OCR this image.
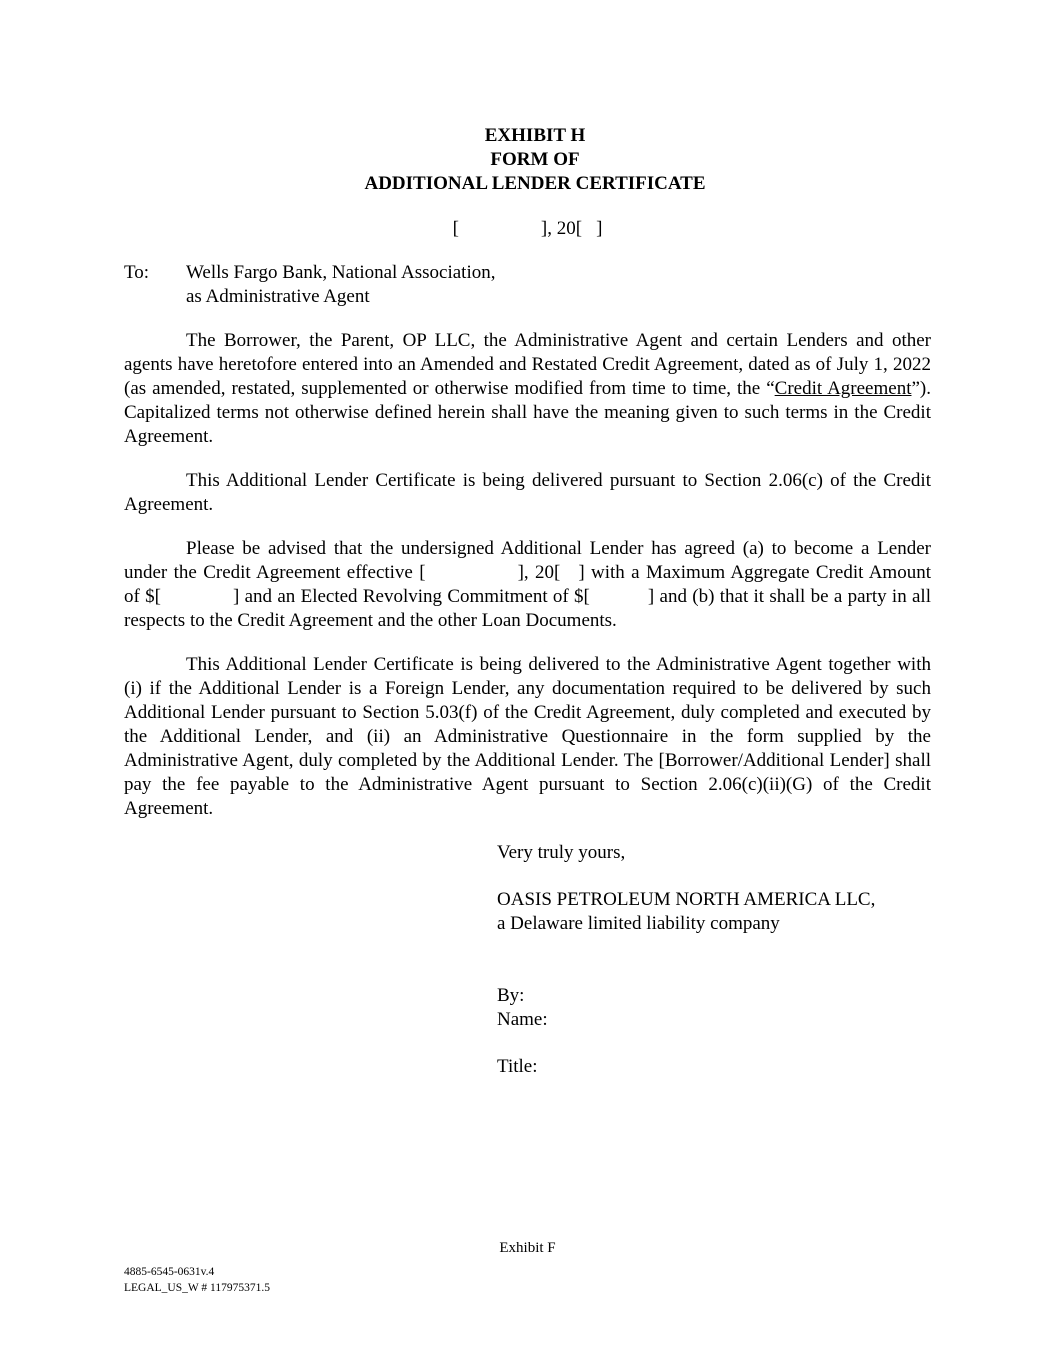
EXHIBIT H
FORM OF
ADDITIONAL LENDER CERTIFICATE
[	], 20[ ]
To: Wells Fargo Bank, National Association,
as Administrative Agent

The Borrower, the Parent, OP LLC, the Administrative Agent and certain Lenders and other agents have heretofore entered into an Amended and Restated Credit Agreement, dated as of July 1, 2022 (as amended, restated, supplemented or otherwise modified from time to time, the “Credit Agreement”). Capitalized terms not otherwise defined herein shall have the meaning given to such terms in the Credit Agreement.

This Additional Lender Certificate is being delivered pursuant to Section 2.06(c) of the Credit Agreement.

Please be advised that the undersigned Additional Lender has agreed (a) to become a Lender under the Credit Agreement effective [	], 20[ ] with a Maximum Aggregate Credit Amount of $[	] and an Elected Revolving Commitment of $[	] and (b) that it shall be a party in all respects to the Credit Agreement and the other Loan Documents.

This Additional Lender Certificate is being delivered to the Administrative Agent together with (i) if the Additional Lender is a Foreign Lender, any documentation required to be delivered by such Additional Lender pursuant to Section 5.03(f) of the Credit Agreement, duly completed and executed by the Additional Lender, and (ii) an Administrative Questionnaire in the form supplied by the Administrative Agent, duly completed by the Additional Lender. The [Borrower/Additional Lender] shall pay the fee payable to the Administrative Agent pursuant to Section 2.06(c)(ii)(G) of the Credit Agreement.

Very truly yours,
OASIS PETROLEUM NORTH AMERICA LLC,
a Delaware limited liability company
By:
Name:
Title:
Exhibit F
4885-6545-0631v.4
LEGAL_US_W # 117975371.5
